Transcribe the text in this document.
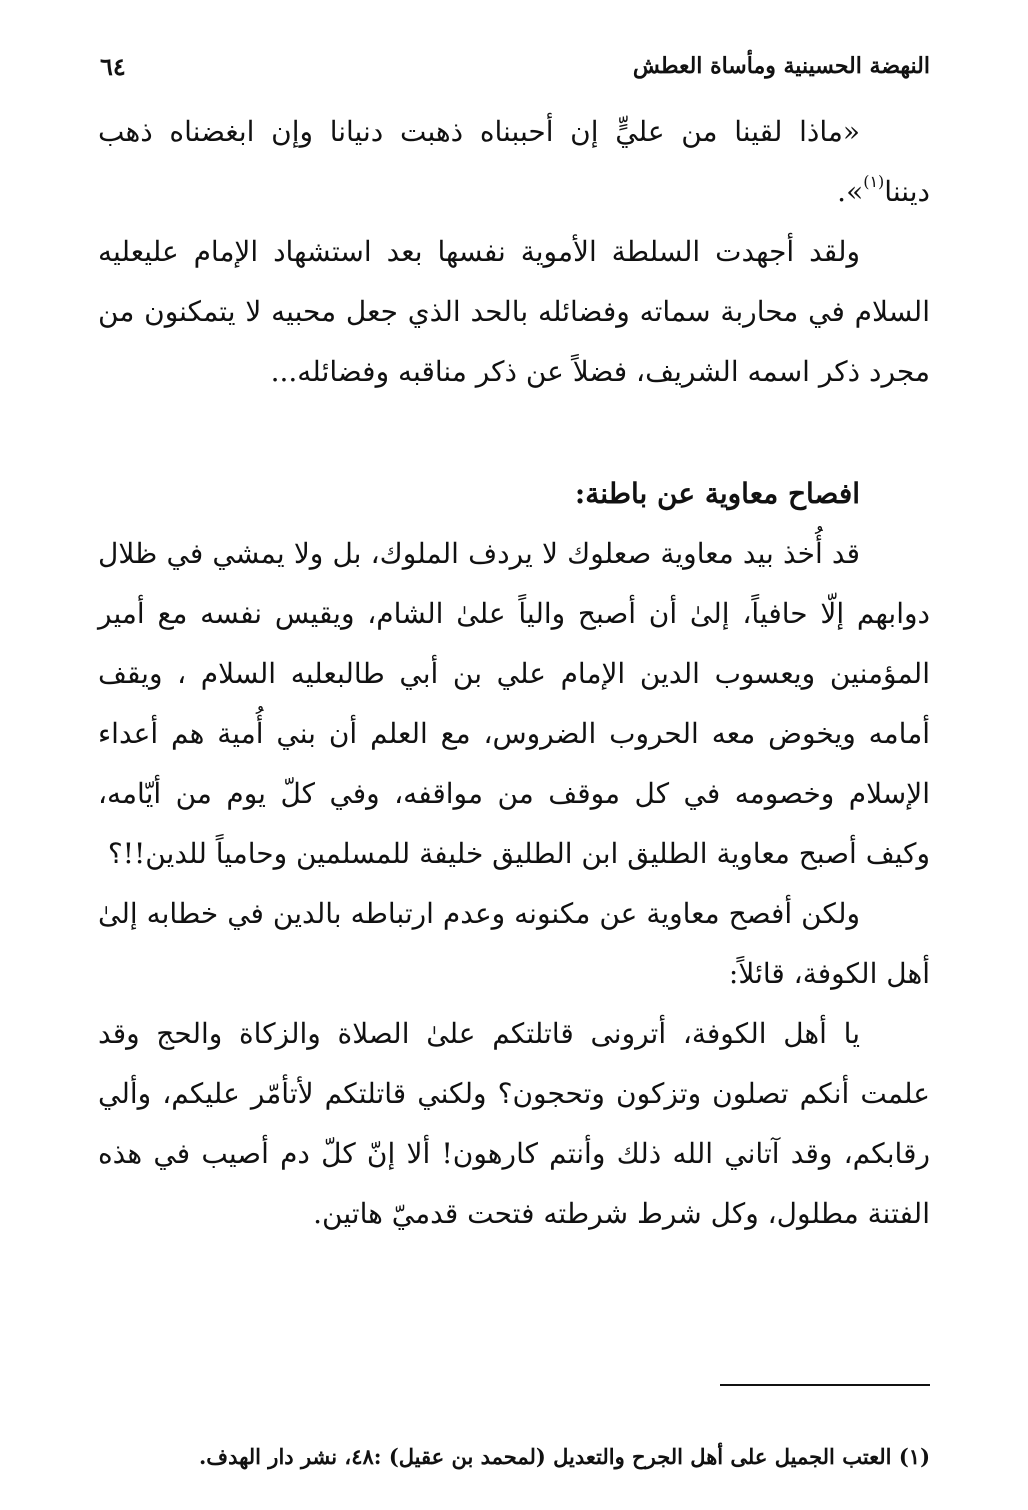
النهضة الحسينية ومأساة العطش
٦٤

«ماذا لقينا من عليٍّ إن أحببناه ذهبت دنيانا وإن ابغضناه ذهب ديننا$^{(١)}$».

ولقد أجهدت السلطة الأموية نفسها بعد استشهاد الإمام عليعليه السلام في محاربة سماته وفضائله بالحد الذي جعل محبيه لا يتمكنون من مجرد ذكر اسمه الشريف، فضلاً عن ذكر مناقبه وفضائله...

افصاح معاوية عن باطنة:

قد أُخذ بيد معاوية صعلوك لا يردف الملوك، بل ولا يمشي في ظلال دوابهم إلّا حافياً، إلىٰ أن أصبح والياً علىٰ الشام، ويقيس نفسه مع أمير المؤمنين ويعسوب الدين الإمام علي بن أبي طالبعليه السلام ، ويقف أمامه ويخوض معه الحروب الضروس، مع العلم أن بني أُمية هم أعداء الإسلام وخصومه في كل موقف من مواقفه، وفي كلّ يوم من أيّامه، وكيف أصبح معاوية الطليق ابن الطليق خليفة للمسلمين وحامياً للدين!!؟

ولكن أفصح معاوية عن مكنونه وعدم ارتباطه بالدين في خطابه إلىٰ أهل الكوفة، قائلاً:

يا أهل الكوفة، أترونى قاتلتكم علىٰ الصلاة والزكاة والحج وقد علمت أنكم تصلون وتزكون وتحجون؟ ولكني قاتلتكم لأتأمّر عليكم، وألي رقابكم، وقد آتاني الله ذلك وأنتم كارهون! ألا إنّ كلّ دم أصيب في هذه الفتنة مطلول، وكل شرط شرطته فتحت قدميّ هاتين.

(١) العتب الجميل على أهل الجرح والتعديل (لمحمد بن عقيل) :٤٨، نشر دار الهدف.
